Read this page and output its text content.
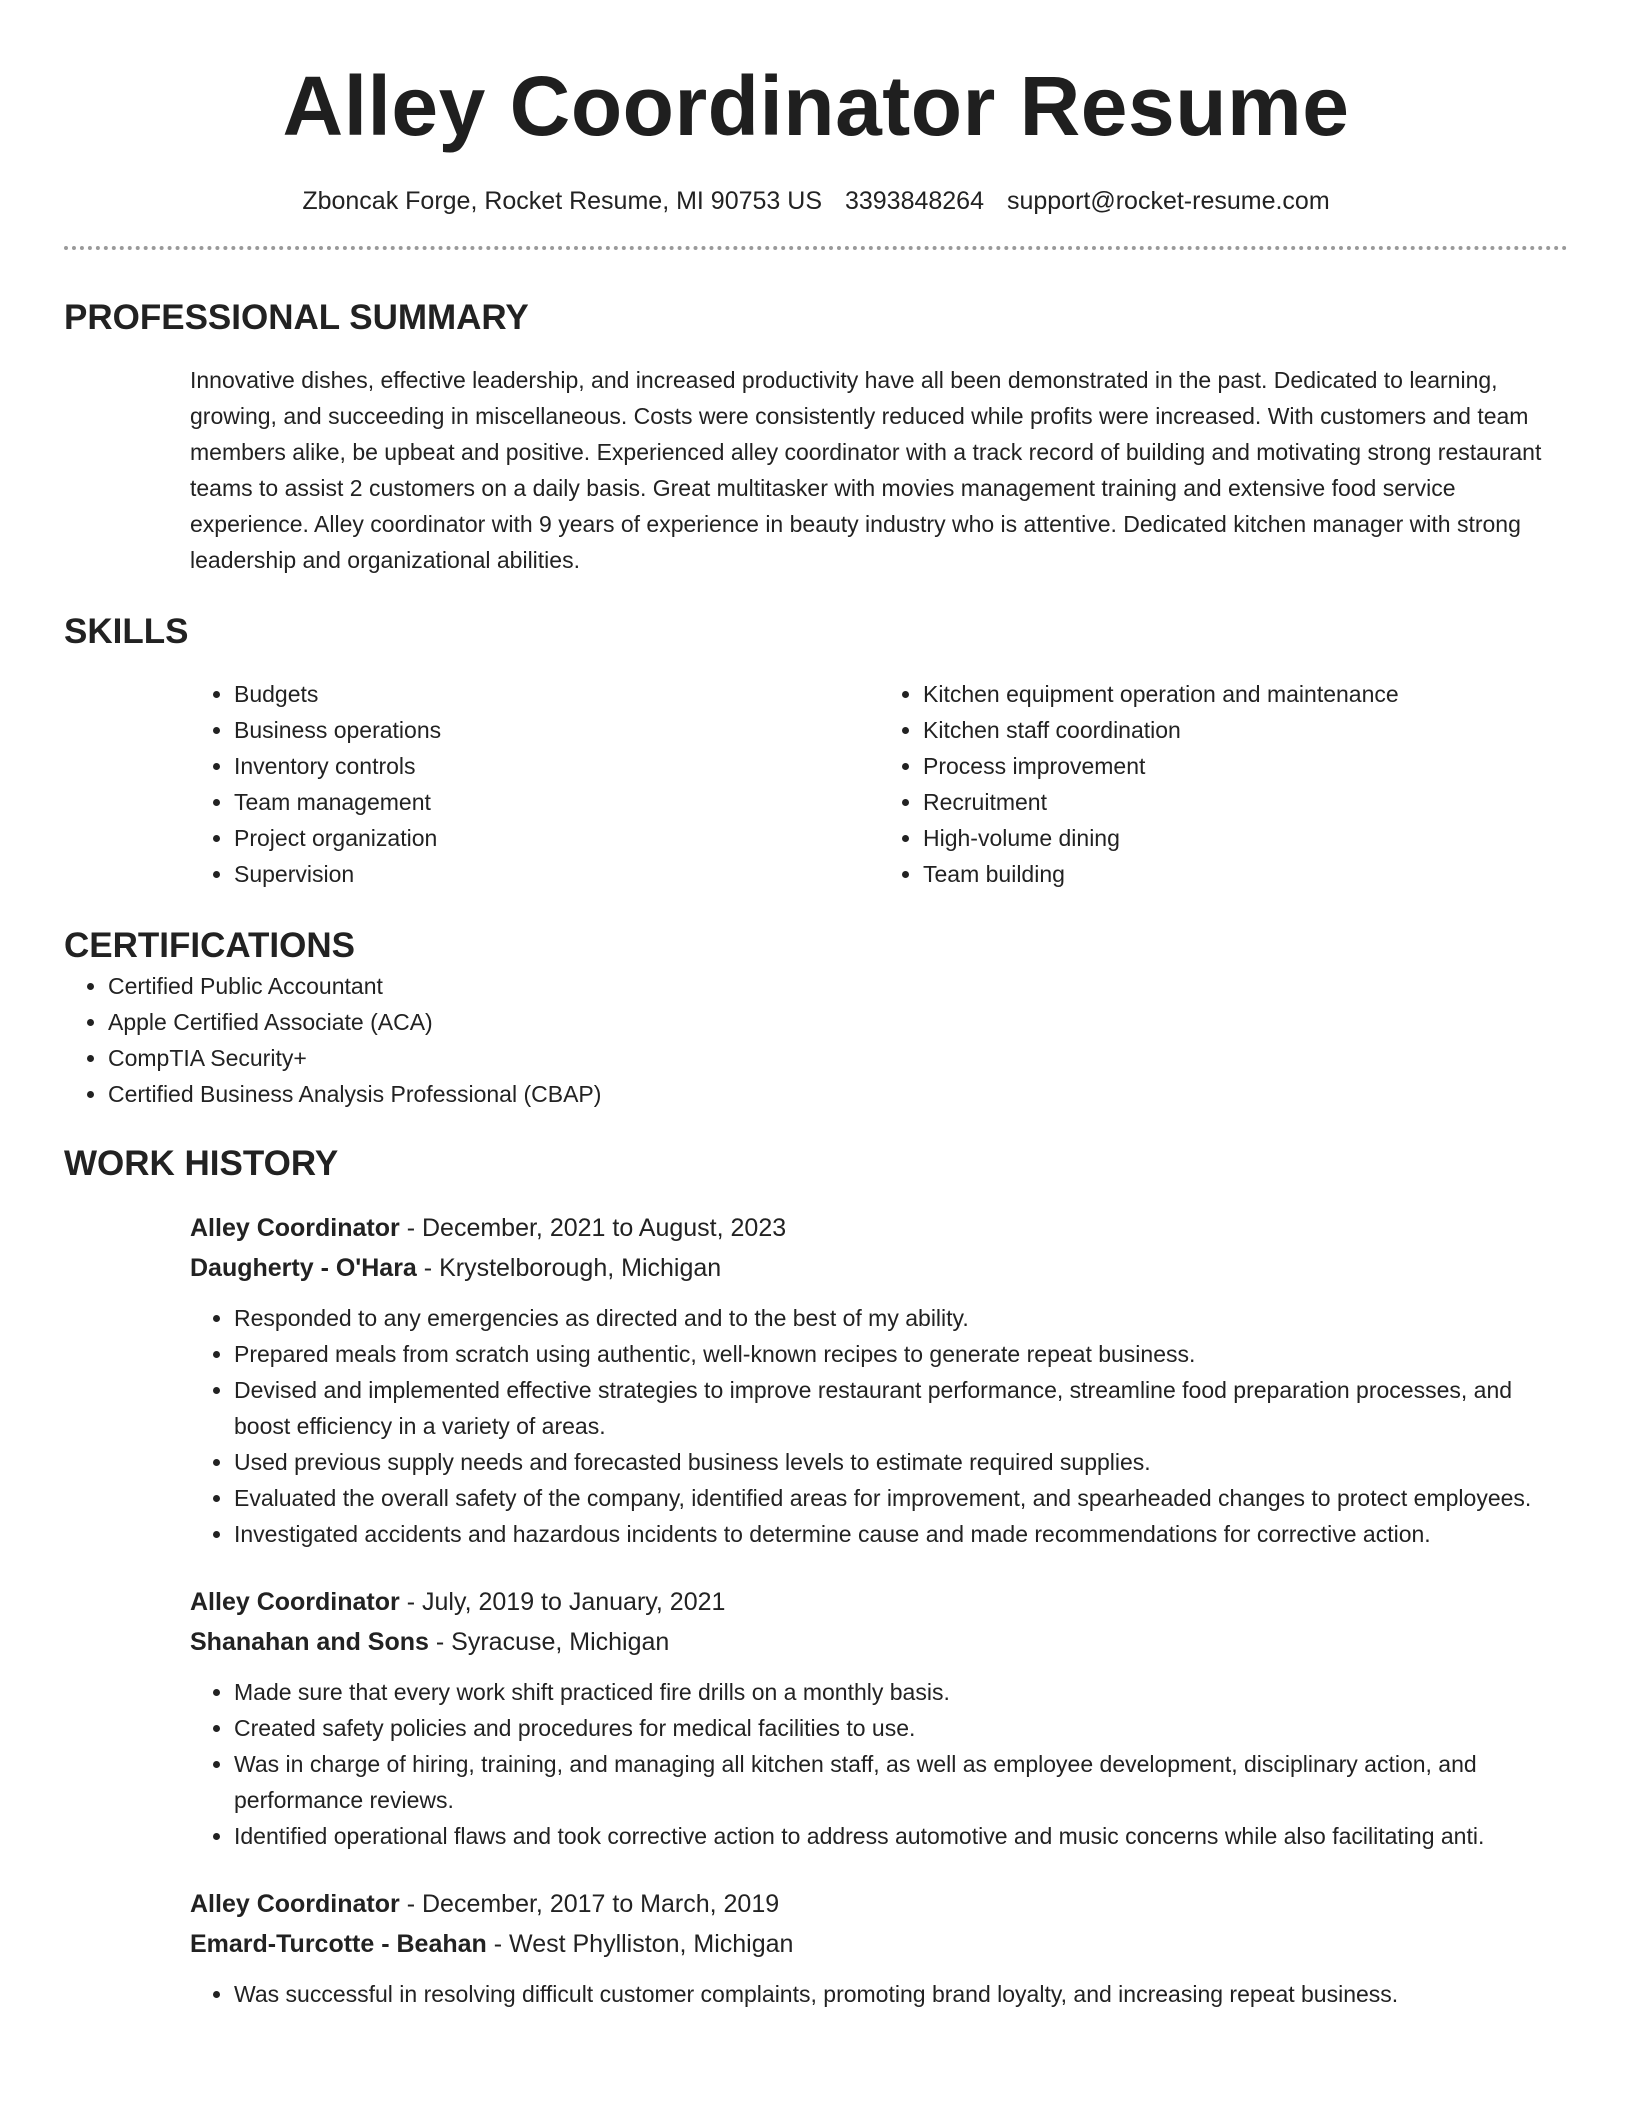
Alley Coordinator Resume
Zboncak Forge, Rocket Resume, MI 90753 US 3393848264 support@rocket-resume.com
PROFESSIONAL SUMMARY

Innovative dishes, effective leadership, and increased productivity have all been demonstrated in the past. Dedicated to learning, growing, and succeeding in miscellaneous. Costs were consistently reduced while profits were increased. With customers and team members alike, be upbeat and positive. Experienced alley coordinator with a track record of building and motivating strong restaurant teams to assist 2 customers on a daily basis. Great multitasker with movies management training and extensive food service experience. Alley coordinator with 9 years of experience in beauty industry who is attentive. Dedicated kitchen manager with strong leadership and organizational abilities.

SKILLS
• Budgets
• Business operations
• Inventory controls
• Team management
• Project organization
• Supervision
• Kitchen equipment operation and maintenance
• Kitchen staff coordination
• Process improvement
• Recruitment
• High-volume dining
• Team building
CERTIFICATIONS
• Certified Public Accountant
• Apple Certified Associate (ACA)
• CompTIA Security+
• Certified Business Analysis Professional (CBAP)
WORK HISTORY
Alley Coordinator - December, 2021 to August, 2023
Daugherty - O'Hara - Krystelborough, Michigan
• Responded to any emergencies as directed and to the best of my ability.
• Prepared meals from scratch using authentic, well-known recipes to generate repeat business.
• Devised and implemented effective strategies to improve restaurant performance, streamline food preparation processes, and boost efficiency in a variety of areas.
• Used previous supply needs and forecasted business levels to estimate required supplies.
• Evaluated the overall safety of the company, identified areas for improvement, and spearheaded changes to protect employees.
• Investigated accidents and hazardous incidents to determine cause and made recommendations for corrective action.
Alley Coordinator - July, 2019 to January, 2021
Shanahan and Sons - Syracuse, Michigan
• Made sure that every work shift practiced fire drills on a monthly basis.
• Created safety policies and procedures for medical facilities to use.
• Was in charge of hiring, training, and managing all kitchen staff, as well as employee development, disciplinary action, and performance reviews.
• Identified operational flaws and took corrective action to address automotive and music concerns while also facilitating anti.
Alley Coordinator - December, 2017 to March, 2019
Emard-Turcotte - Beahan - West Phylliston, Michigan
• Was successful in resolving difficult customer complaints, promoting brand loyalty, and increasing repeat business.
